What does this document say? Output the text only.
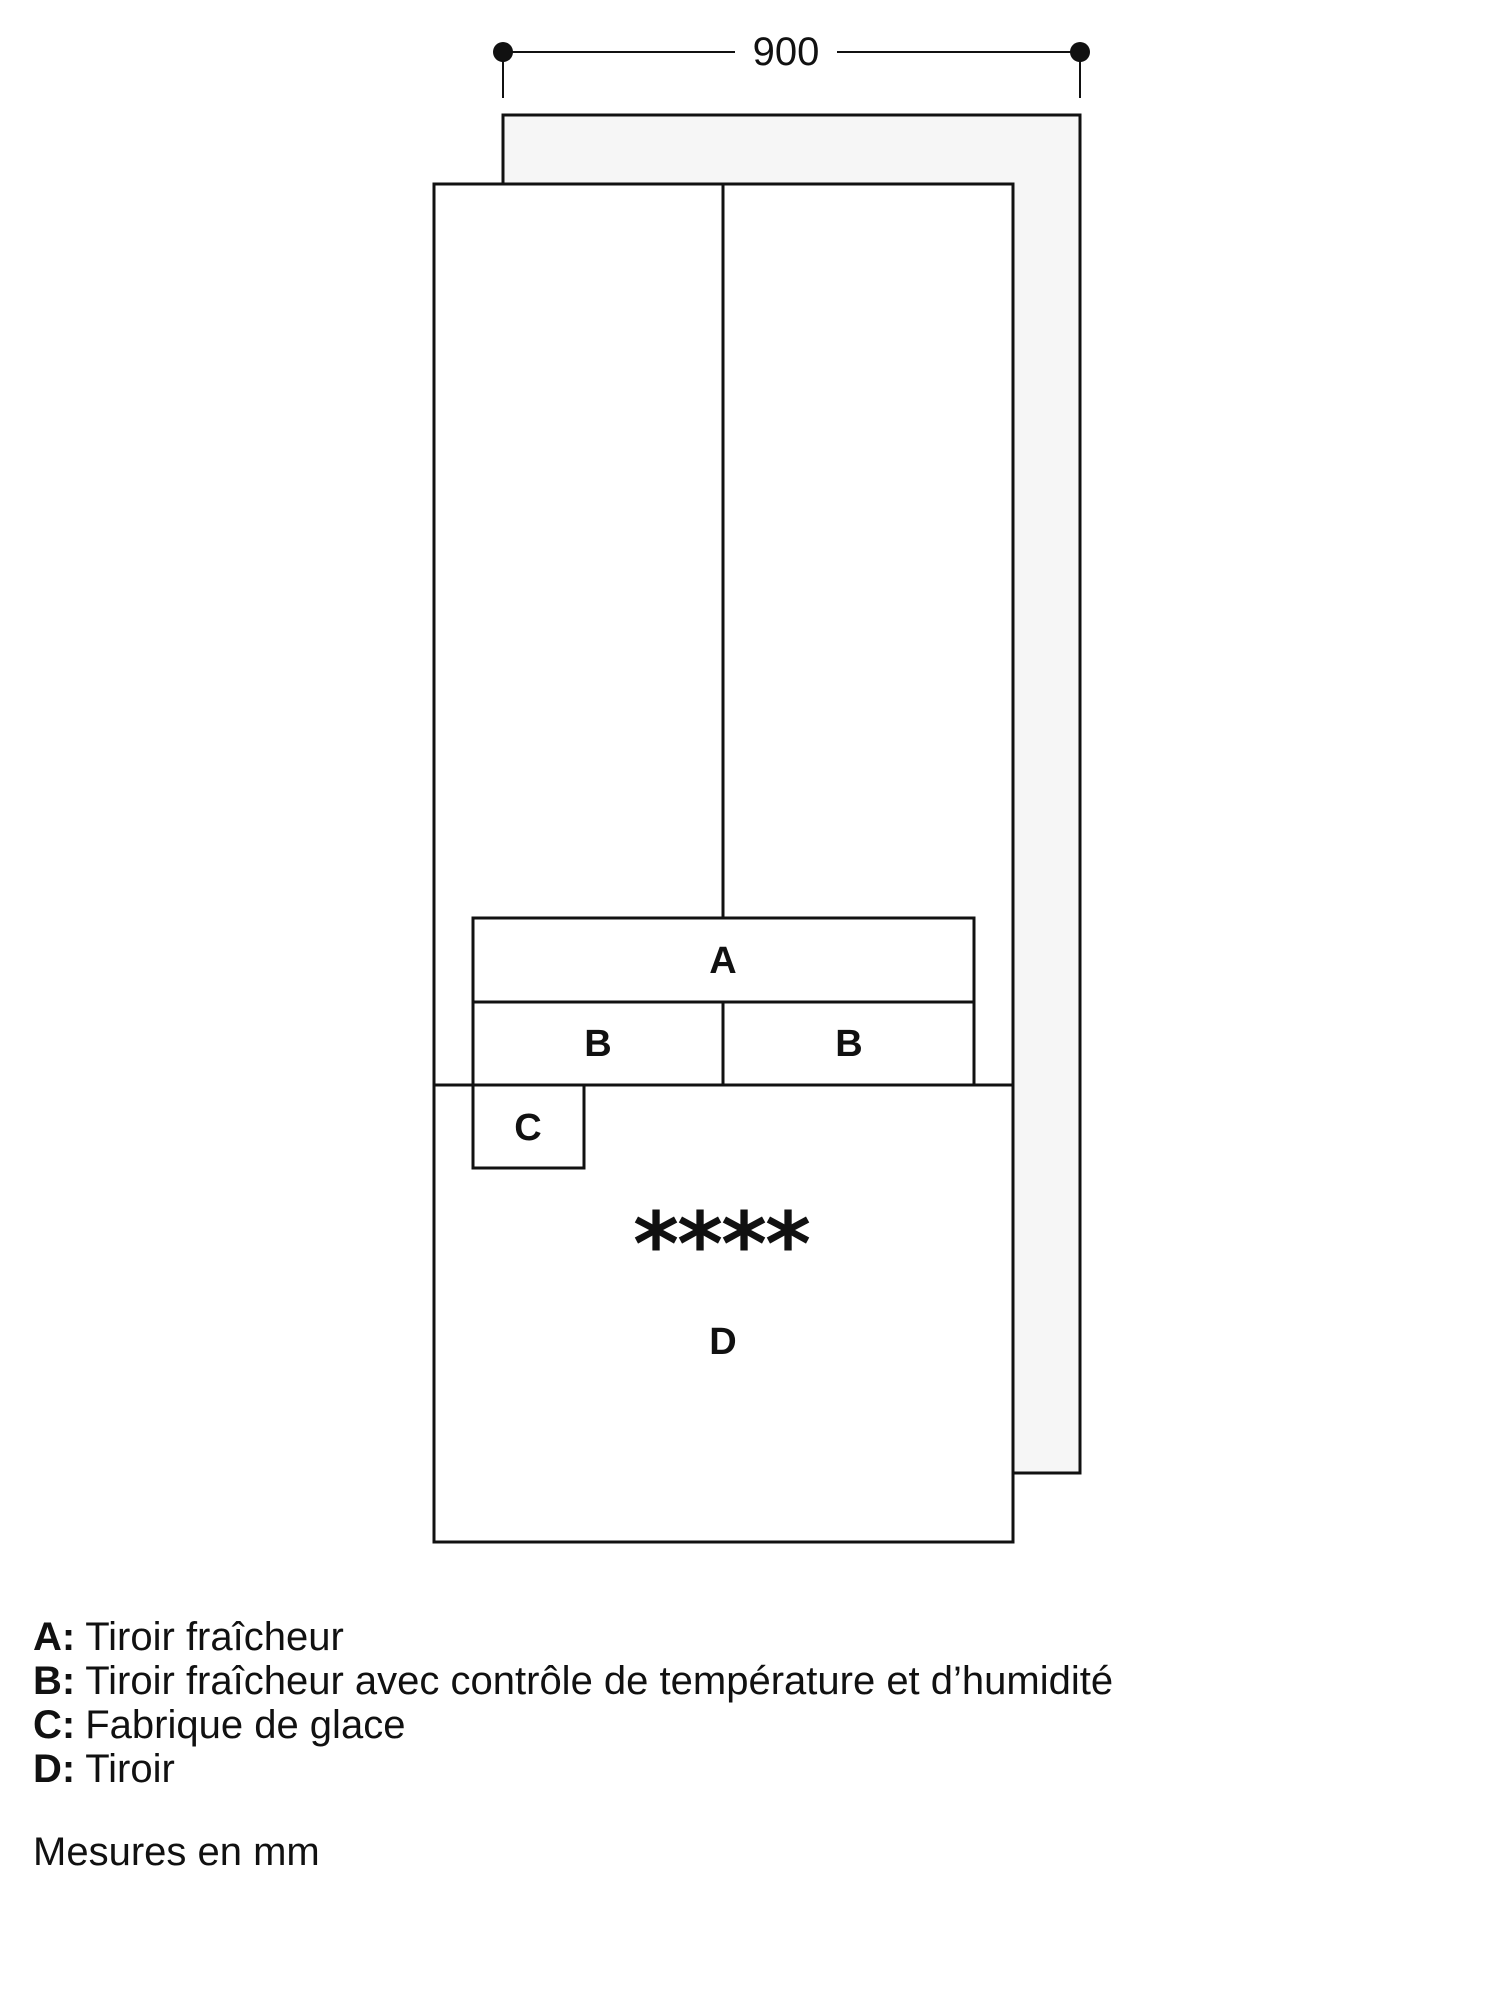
900
A
B	B
C
****
D
A: Tiroir fraîcheur
B: Tiroir fraîcheur avec contrôle de température et d’humidité
C: Fabrique de glace
D: Tiroir
Mesures en mm
